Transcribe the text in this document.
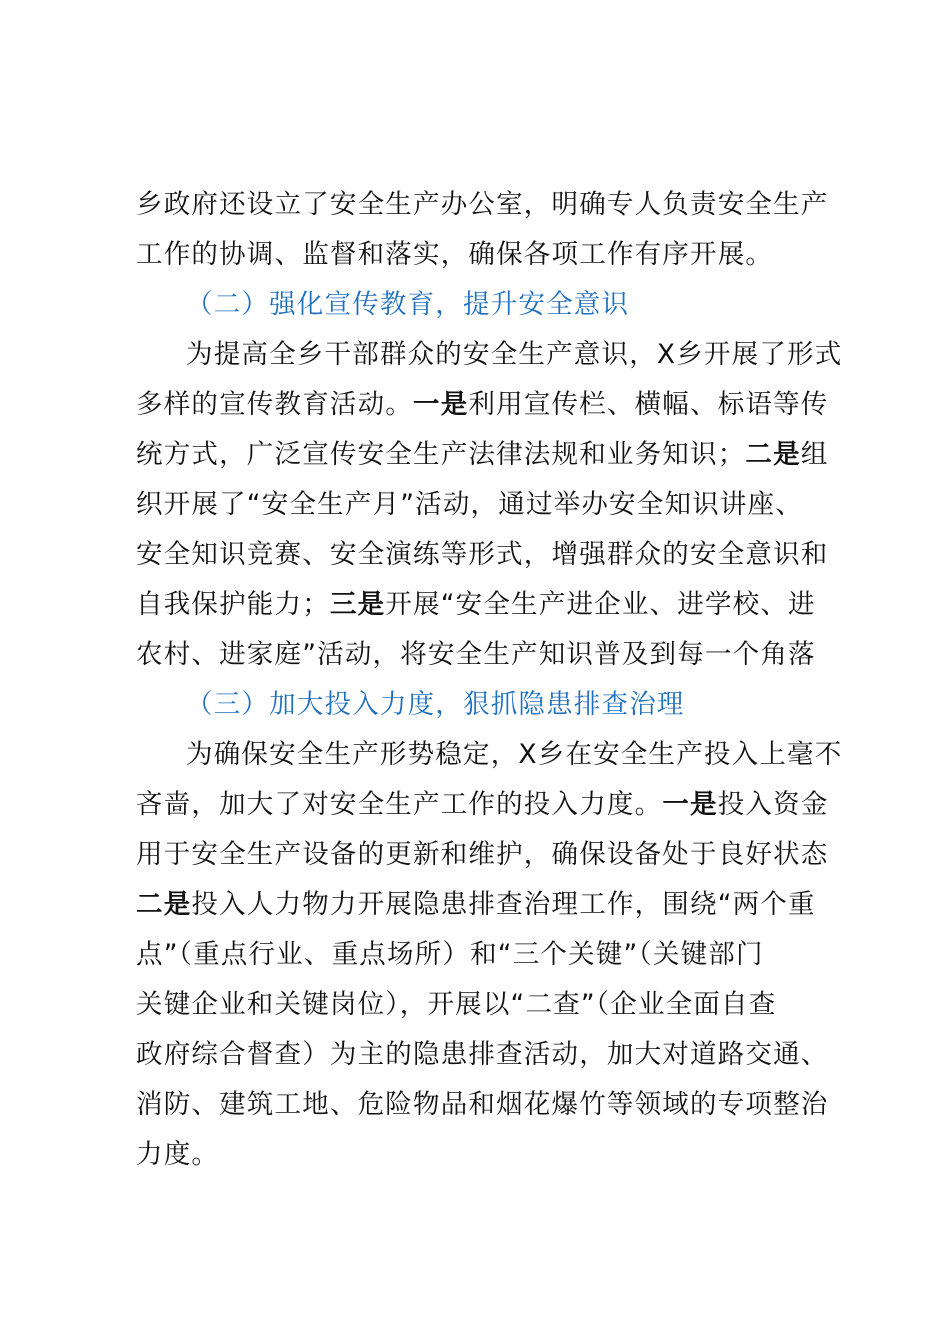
乡政府还设立了安全生产办公室，明确专人负责安全生产
工作的协调、监督和落实，确保各项工作有序开展。
（二）强化宣传教育，提升安全意识
为提高全乡干部群众的安全生产意识，X乡开展了形式
多样的宣传教育活动。一是利用宣传栏、横幅、标语等传
统方式，广泛宣传安全生产法律法规和业务知识；二是组
织开展了“安全生产月”活动，通过举办安全知识讲座、
安全知识竞赛、安全演练等形式，增强群众的安全意识和
自我保护能力；三是开展“安全生产进企业、进学校、进
农村、进家庭”活动，将安全生产知识普及到每一个角落
（三）加大投入力度，狠抓隐患排查治理
为确保安全生产形势稳定，X乡在安全生产投入上毫不
吝啬，加大了对安全生产工作的投入力度。一是投入资金
用于安全生产设备的更新和维护，确保设备处于良好状态
二是投入人力物力开展隐患排查治理工作，围绕“两个重
点”（重点行业、重点场所）和“三个关键”（关键部门
关键企业和关键岗位），开展以“二查”（企业全面自查
政府综合督查）为主的隐患排查活动，加大对道路交通、
消防、建筑工地、危险物品和烟花爆竹等领域的专项整治
力度。
